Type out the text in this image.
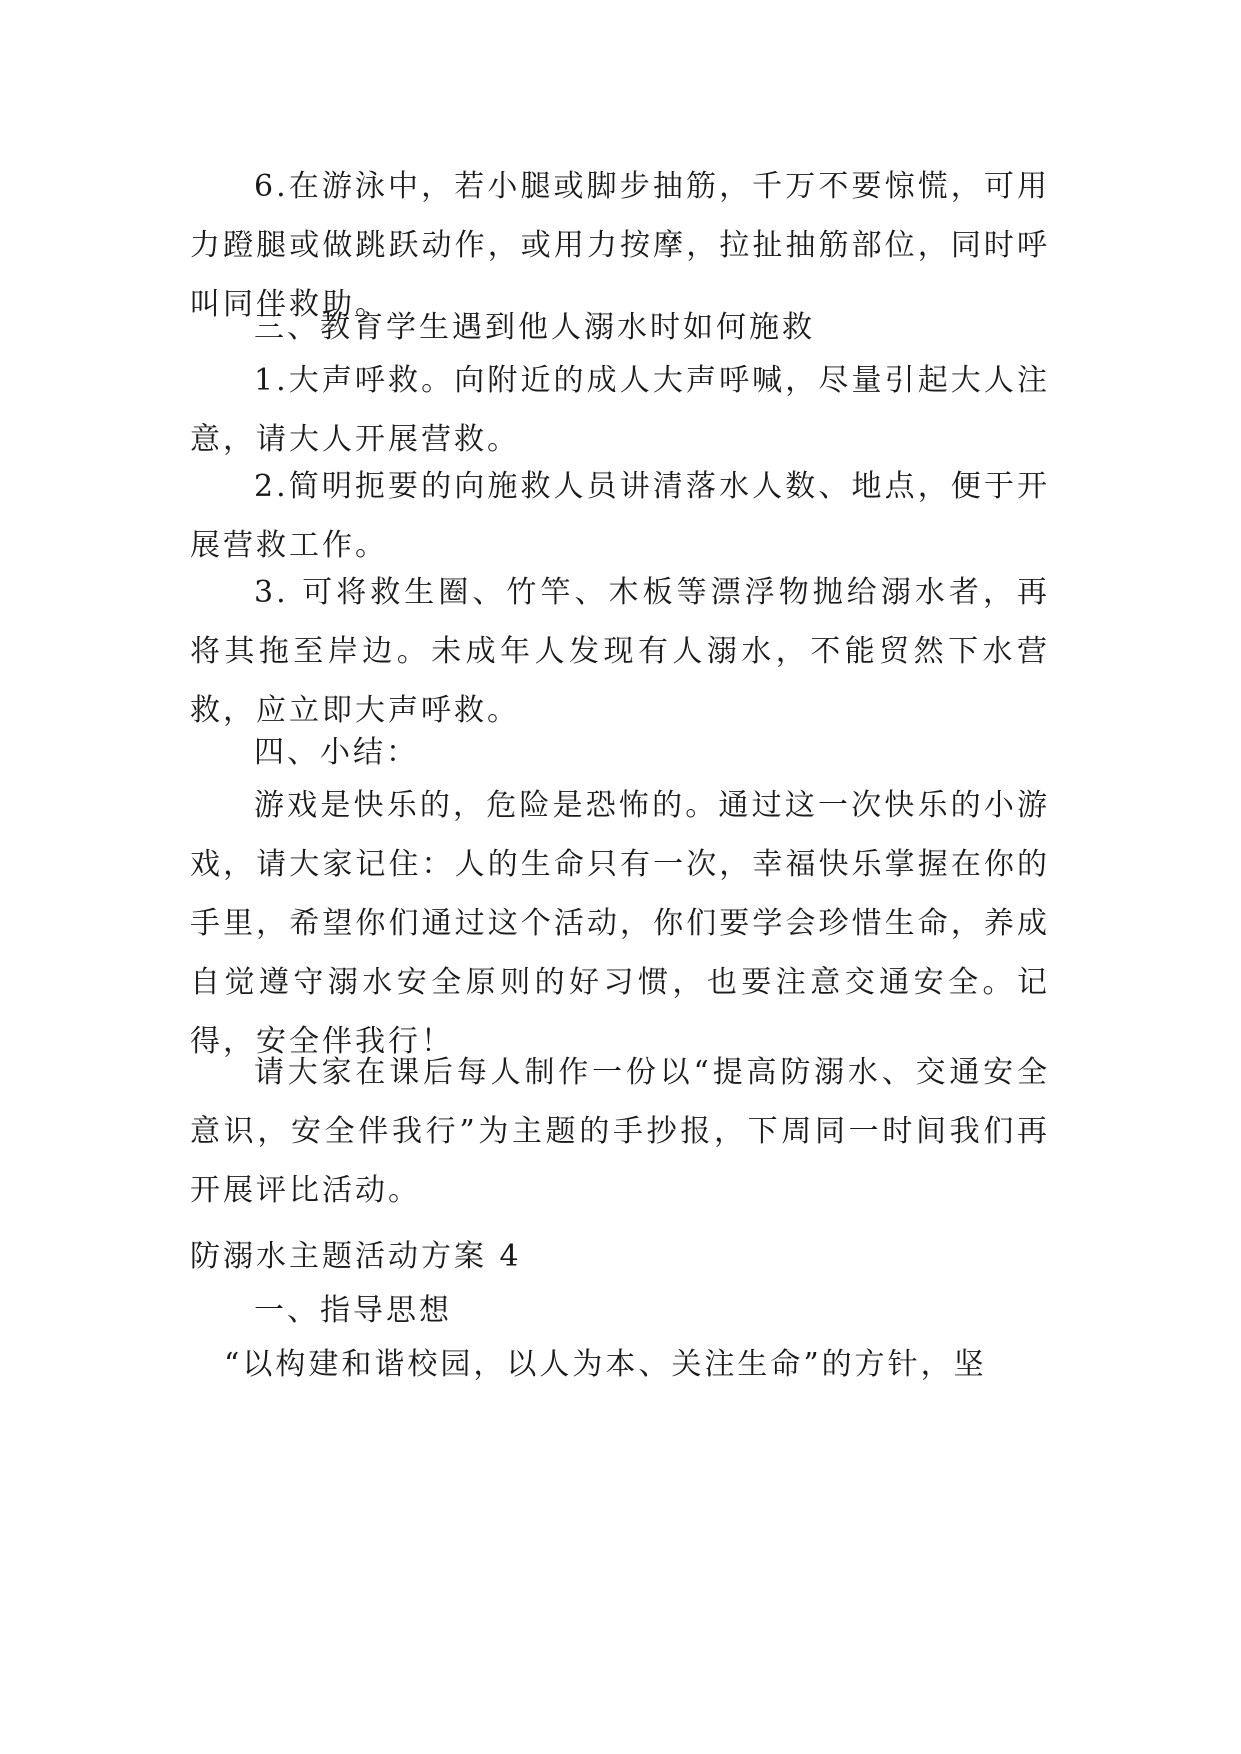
6.在游泳中，若小腿或脚步抽筋，千万不要惊慌，可用力蹬腿或做跳跃动作，或用力按摩，拉扯抽筋部位，同时呼叫同伴救助。

三、教育学生遇到他人溺水时如何施救

1.大声呼救。向附近的成人大声呼喊，尽量引起大人注意，请大人开展营救。

2.简明扼要的向施救人员讲清落水人数、地点，便于开展营救工作。

3. 可将救生圈、竹竿、木板等漂浮物抛给溺水者，再将其拖至岸边。未成年人发现有人溺水，不能贸然下水营救，应立即大声呼救。

四、小结：

游戏是快乐的，危险是恐怖的。通过这一次快乐的小游戏，请大家记住：人的生命只有一次，幸福快乐掌握在你的手里，希望你们通过这个活动，你们要学会珍惜生命，养成自觉遵守溺水安全原则的好习惯，也要注意交通安全。记得，安全伴我行！

请大家在课后每人制作一份以“提高防溺水、交通安全意识，安全伴我行”为主题的手抄报，下周同一时间我们再开展评比活动。

防溺水主题活动方案 4

一、指导思想

“以构建和谐校园，以人为本、关注生命”的方针，坚
